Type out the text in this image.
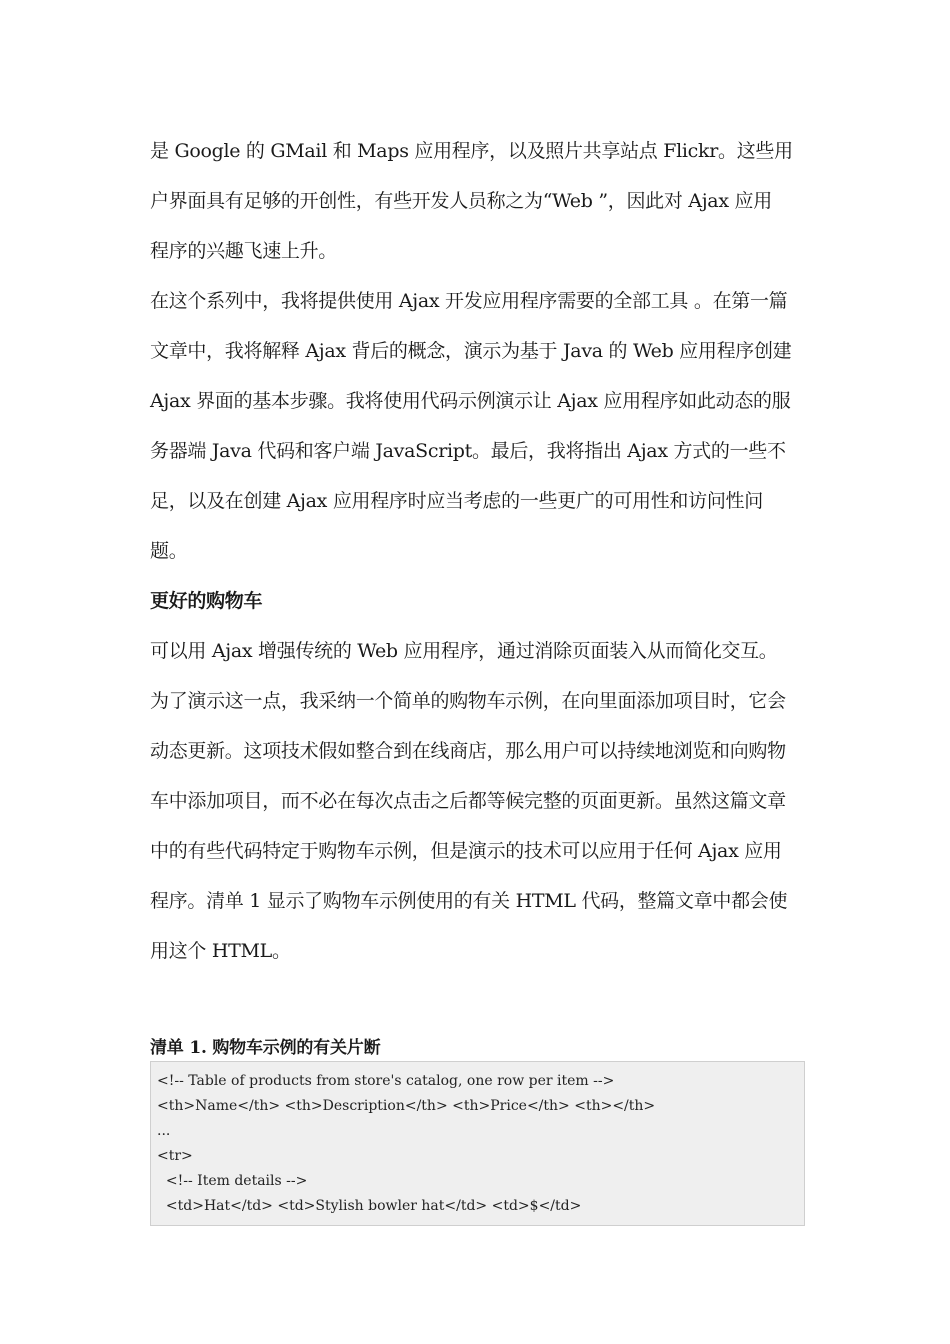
是 Google 的 GMail 和 Maps 应用程序，以及照片共享站点 Flickr。这些用
户界面具有足够的开创性，有些开发人员称之为“Web ”，因此对 Ajax 应用
程序的兴趣飞速上升。

在这个系列中，我将提供使用 Ajax 开发应用程序需要的全部工具 。在第一篇
文章中，我将解释 Ajax 背后的概念，演示为基于 Java 的 Web 应用程序创建
Ajax 界面的基本步骤。我将使用代码示例演示让 Ajax 应用程序如此动态的服
务器端 Java 代码和客户端 JavaScript。最后，我将指出 Ajax 方式的一些不
足，以及在创建 Ajax 应用程序时应当考虑的一些更广的可用性和访问性问
题。

更好的购物车

可以用 Ajax 增强传统的 Web 应用程序，通过消除页面装入从而简化交互。
为了演示这一点，我采纳一个简单的购物车示例，在向里面添加项目时，它会
动态更新。这项技术假如整合到在线商店，那么用户可以持续地浏览和向购物
车中添加项目，而不必在每次点击之后都等候完整的页面更新。虽然这篇文章
中的有些代码特定于购物车示例，但是演示的技术可以应用于任何 Ajax 应用
程序。清单 1 显示了购物车示例使用的有关 HTML 代码，整篇文章中都会使
用这个 HTML。

清单 1. 购物车示例的有关片断
<!-- Table of products from store's catalog, one row per item -->
<th>Name</th> <th>Description</th> <th>Price</th> <th></th>
...
<tr>
<!-- Item details -->
<td>Hat</td> <td>Stylish bowler hat</td> <td>$</td>
